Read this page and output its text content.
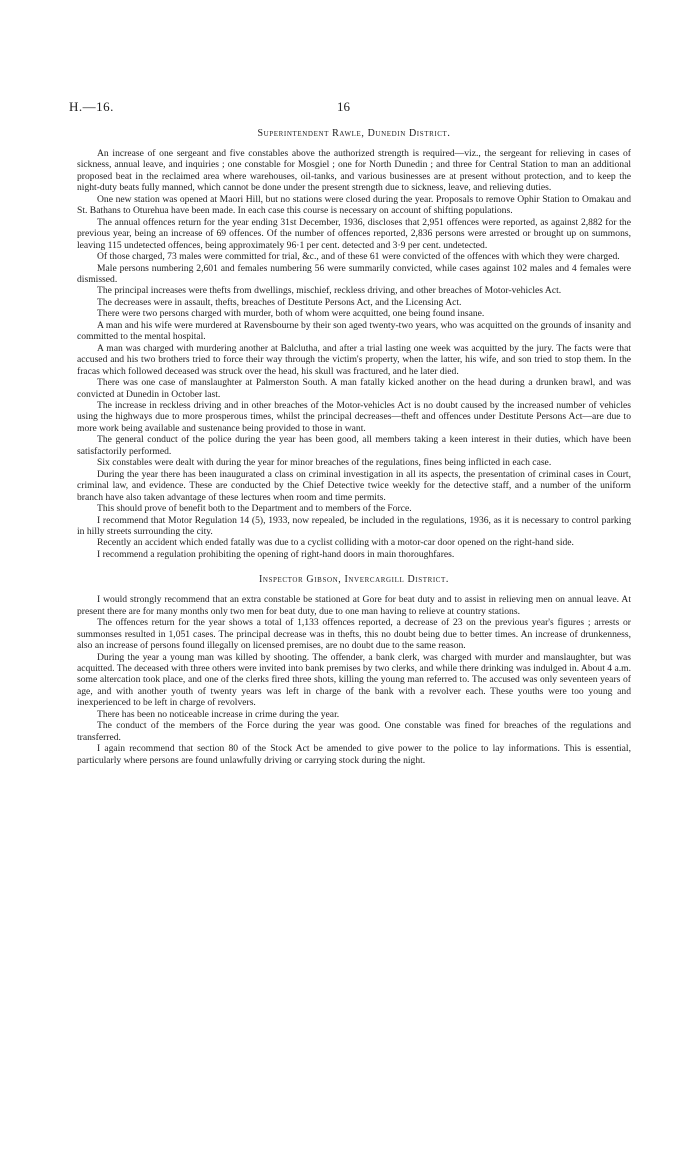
H.—16.	16
Superintendent Rawle, Dunedin District.

An increase of one sergeant and five constables above the authorized strength is required—viz., the sergeant for relieving in cases of sickness, annual leave, and inquiries ; one constable for Mosgiel ; one for North Dunedin ; and three for Central Station to man an additional proposed beat in the reclaimed area where warehouses, oil-tanks, and various businesses are at present without protection, and to keep the night-duty beats fully manned, which cannot be done under the present strength due to sickness, leave, and relieving duties.

One new station was opened at Maori Hill, but no stations were closed during the year. Proposals to remove Ophir Station to Omakau and St. Bathans to Oturehua have been made. In each case this course is necessary on account of shifting populations.

The annual offences return for the year ending 31st December, 1936, discloses that 2,951 offences were reported, as against 2,882 for the previous year, being an increase of 69 offences. Of the number of offences reported, 2,836 persons were arrested or brought up on summons, leaving 115 undetected offences, being approximately 96·1 per cent. detected and 3·9 per cent. undetected.

Of those charged, 73 males were committed for trial, &c., and of these 61 were convicted of the offences with which they were charged.

Male persons numbering 2,601 and females numbering 56 were summarily convicted, while cases against 102 males and 4 females were dismissed.

The principal increases were thefts from dwellings, mischief, reckless driving, and other breaches of Motor-vehicles Act.

The decreases were in assault, thefts, breaches of Destitute Persons Act, and the Licensing Act.

There were two persons charged with murder, both of whom were acquitted, one being found insane.

A man and his wife were murdered at Ravensbourne by their son aged twenty-two years, who was acquitted on the grounds of insanity and committed to the mental hospital.

A man was charged with murdering another at Balclutha, and after a trial lasting one week was acquitted by the jury. The facts were that accused and his two brothers tried to force their way through the victim's property, when the latter, his wife, and son tried to stop them. In the fracas which followed deceased was struck over the head, his skull was fractured, and he later died.

There was one case of manslaughter at Palmerston South. A man fatally kicked another on the head during a drunken brawl, and was convicted at Dunedin in October last.

The increase in reckless driving and in other breaches of the Motor-vehicles Act is no doubt caused by the increased number of vehicles using the highways due to more prosperous times, whilst the principal decreases—theft and offences under Destitute Persons Act—are due to more work being available and sustenance being provided to those in want.

The general conduct of the police during the year has been good, all members taking a keen interest in their duties, which have been satisfactorily performed.

Six constables were dealt with during the year for minor breaches of the regulations, fines being inflicted in each case.

During the year there has been inaugurated a class on criminal investigation in all its aspects, the presentation of criminal cases in Court, criminal law, and evidence. These are conducted by the Chief Detective twice weekly for the detective staff, and a number of the uniform branch have also taken advantage of these lectures when room and time permits.

This should prove of benefit both to the Department and to members of the Force.

I recommend that Motor Regulation 14 (5), 1933, now repealed, be included in the regulations, 1936, as it is necessary to control parking in hilly streets surrounding the city.

Recently an accident which ended fatally was due to a cyclist colliding with a motor-car door opened on the right-hand side.

I recommend a regulation prohibiting the opening of right-hand doors in main thoroughfares.

Inspector Gibson, Invercargill District.

I would strongly recommend that an extra constable be stationed at Gore for beat duty and to assist in relieving men on annual leave. At present there are for many months only two men for beat duty, due to one man having to relieve at country stations.

The offences return for the year shows a total of 1,133 offences reported, a decrease of 23 on the previous year's figures ; arrests or summonses resulted in 1,051 cases. The principal decrease was in thefts, this no doubt being due to better times. An increase of drunkenness, also an increase of persons found illegally on licensed premises, are no doubt due to the same reason.

During the year a young man was killed by shooting. The offender, a bank clerk, was charged with murder and manslaughter, but was acquitted. The deceased with three others were invited into bank premises by two clerks, and while there drinking was indulged in. About 4 a.m. some altercation took place, and one of the clerks fired three shots, killing the young man referred to. The accused was only seventeen years of age, and with another youth of twenty years was left in charge of the bank with a revolver each. These youths were too young and inexperienced to be left in charge of revolvers.

There has been no noticeable increase in crime during the year.

The conduct of the members of the Force during the year was good. One constable was fined for breaches of the regulations and transferred.

I again recommend that section 80 of the Stock Act be amended to give power to the police to lay informations. This is essential, particularly where persons are found unlawfully driving or carrying stock during the night.
